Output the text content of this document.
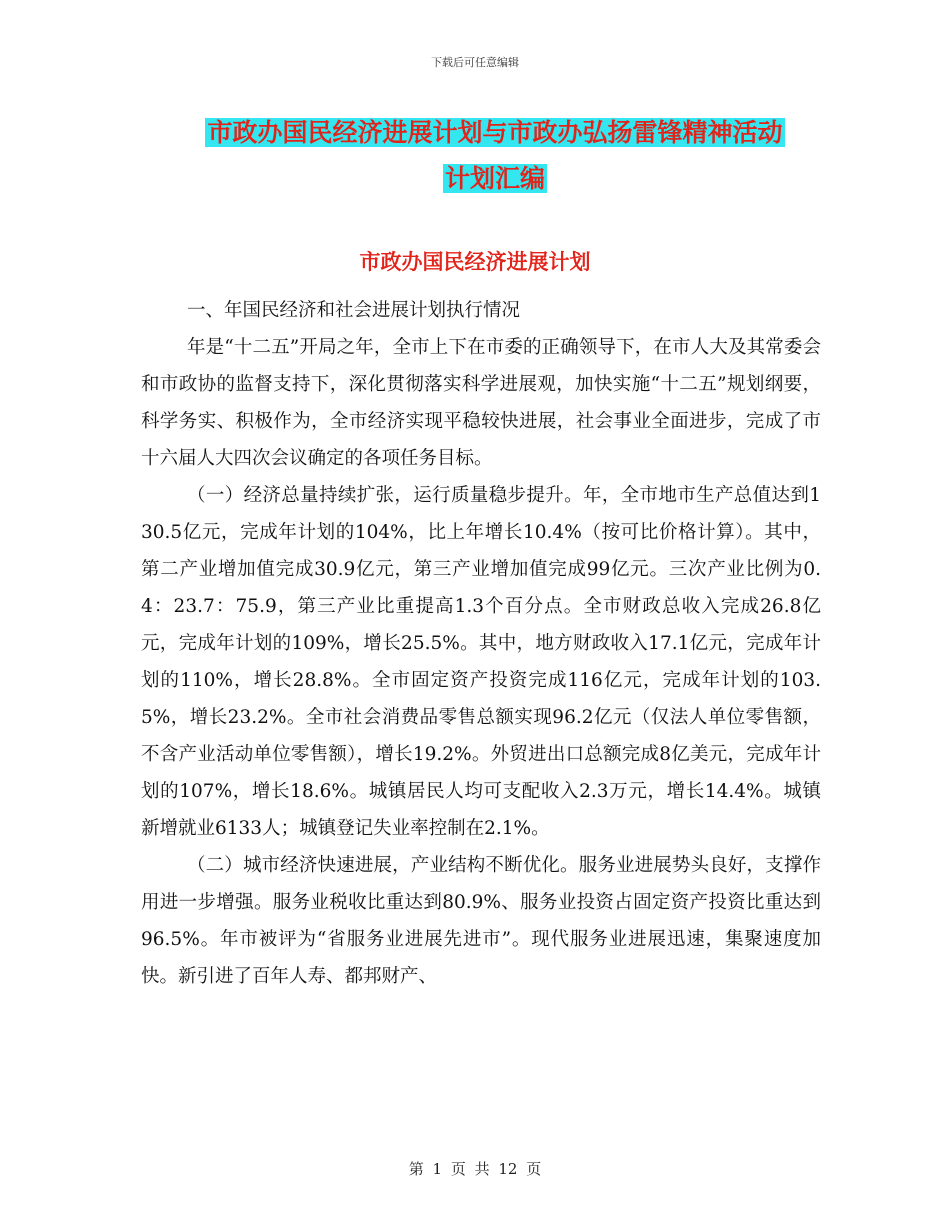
下载后可任意编辑
市政办国民经济进展计划与市政办弘扬雷锋精神活动
计划汇编
市政办国民经济进展计划

一、年国民经济和社会进展计划执行情况

年是“十二五”开局之年，全市上下在市委的正确领导下，在市人大及其常委会和市政协的监督支持下，深化贯彻落实科学进展观，加快实施“十二五”规划纲要，科学务实、积极作为，全市经济实现平稳较快进展，社会事业全面进步，完成了市十六届人大四次会议确定的各项任务目标。

（一）经济总量持续扩张，运行质量稳步提升。年，全市地市生产总值达到130.5亿元，完成年计划的104%，比上年增长10.4%（按可比价格计算）。其中，第二产业增加值完成30.9亿元，第三产业增加值完成99亿元。三次产业比例为0.4：23.7：75.9，第三产业比重提高1.3个百分点。全市财政总收入完成26.8亿元，完成年计划的109%，增长25.5%。其中，地方财政收入17.1亿元，完成年计划的110%，增长28.8%。全市固定资产投资完成116亿元，完成年计划的103.5%，增长23.2%。全市社会消费品零售总额实现96.2亿元（仅法人单位零售额，不含产业活动单位零售额），增长19.2%。外贸进出口总额完成8亿美元，完成年计划的107%，增长18.6%。城镇居民人均可支配收入2.3万元，增长14.4%。城镇新增就业6133人；城镇登记失业率控制在2.1%。

（二）城市经济快速进展，产业结构不断优化。服务业进展势头良好，支撑作用进一步增强。服务业税收比重达到80.9%、服务业投资占固定资产投资比重达到96.5%。年市被评为“省服务业进展先进市”。现代服务业进展迅速，集聚速度加快。新引进了百年人寿、都邦财产、

第 1 页 共 12 页
